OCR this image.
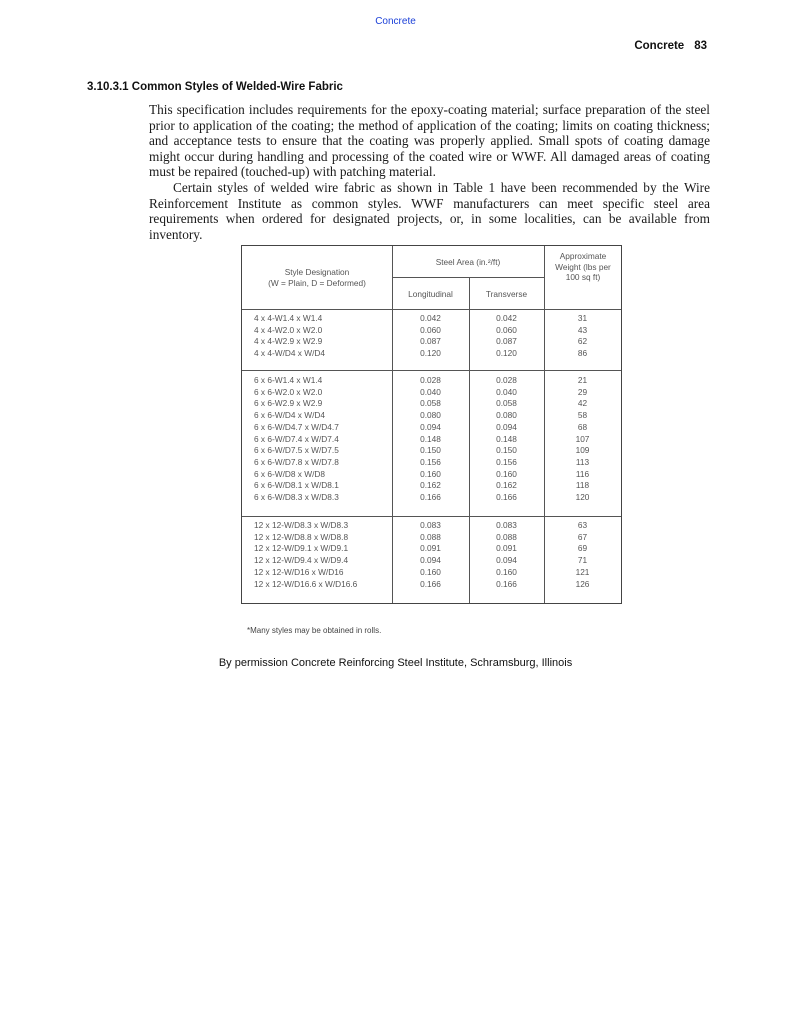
Concrete
Concrete 83
3.10.3.1 Common Styles of Welded-Wire Fabric

This specification includes requirements for the epoxy-coating material; surface preparation of the steel prior to application of the coating; the method of application of the coating; limits on coating thickness; and acceptance tests to ensure that the coating was properly applied. Small spots of coating damage might occur during handling and processing of the coated wire or WWF. All damaged areas of coating must be repaired (touched-up) with patching material.

Certain styles of welded wire fabric as shown in Table 1 have been recommended by the Wire Reinforcement Institute as common styles. WWF manufacturers can meet specific steel area requirements when ordered for designated projects, or, in some localities, can be available from inventory.

Style Designation
(W = Plain, D = Deformed)
Steel Area (in.²/ft)
Longitudinal	Transverse
Approximate Weight (lbs per 100 sq ft)
4 x 4-W1.4 x W1.4
4 x 4-W2.0 x W2.0
4 x 4-W2.9 x W2.9
4 x 4-W/D4 x W/D4
0.042
0.060
0.087
0.120
0.042
0.060
0.087
0.120
31
43
62
86
6 x 6-W1.4 x W1.4
6 x 6-W2.0 x W2.0
6 x 6-W2.9 x W2.9
6 x 6-W/D4 x W/D4
6 x 6-W/D4.7 x W/D4.7
6 x 6-W/D7.4 x W/D7.4
6 x 6-W/D7.5 x W/D7.5
6 x 6-W/D7.8 x W/D7.8
6 x 6-W/D8 x W/D8
6 x 6-W/D8.1 x W/D8.1
6 x 6-W/D8.3 x W/D8.3
0.028
0.040
0.058
0.080
0.094
0.148
0.150
0.156
0.160
0.162
0.166
0.028
0.040
0.058
0.080
0.094
0.148
0.150
0.156
0.160
0.162
0.166
21
29
42
58
68
107
109
113
116
118
120
12 x 12-W/D8.3 x W/D8.3
12 x 12-W/D8.8 x W/D8.8
12 x 12-W/D9.1 x W/D9.1
12 x 12-W/D9.4 x W/D9.4
12 x 12-W/D16 x W/D16
12 x 12-W/D16.6 x W/D16.6
0.083
0.088
0.091
0.094
0.160
0.166
0.083
0.088
0.091
0.094
0.160
0.166
63
67
69
71
121
126
*Many styles may be obtained in rolls.
By permission Concrete Reinforcing Steel Institute, Schramsburg, Illinois
